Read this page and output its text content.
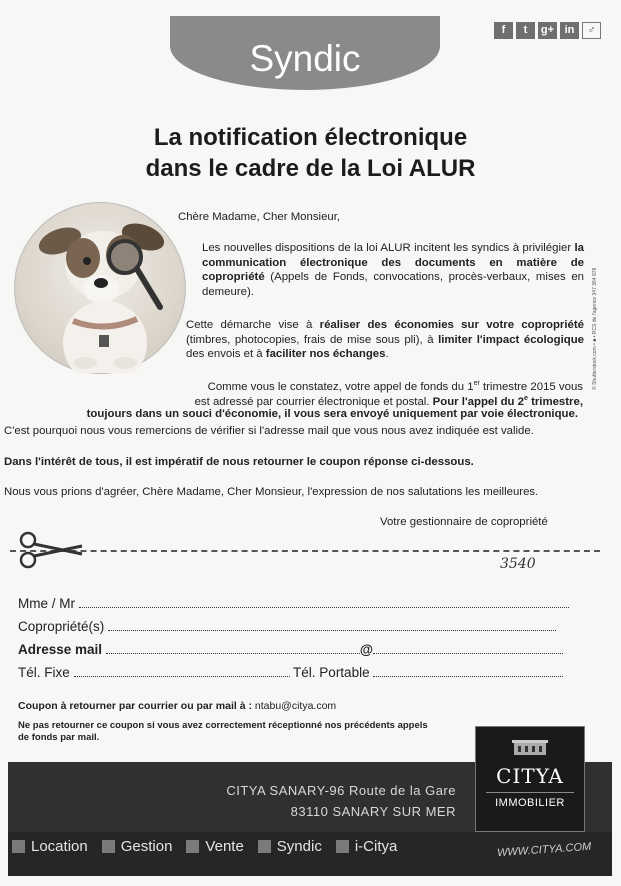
Syndic
f	t	g+ in	♂
La notification électronique
dans le cadre de la Loi ALUR
Chère Madame, Cher Monsieur,
Les nouvelles dispositions de la loi ALUR incitent les syndics à privilégier la communication électronique des documents en matière de copropriété (Appels de Fonds, convocations, procès-verbaux, mises en demeure).
Cette démarche vise à réaliser des économies sur votre copropriété (timbres, photocopies, frais de mise sous pli), à limiter l'impact écologique des envois et à faciliter nos échanges.
Comme vous le constatez, votre appel de fonds du 1er trimestre 2015 vous
est adressé par courrier électronique et postal. Pour l'appel du 2e trimestre,
toujours dans un souci d'économie, il vous sera envoyé uniquement par voie électronique.
C'est pourquoi nous vous remercions de vérifier si l'adresse mail que vous nous avez indiquée est valide.
Dans l'intérêt de tous, il est impératif de nous retourner le coupon réponse ci-dessous.
Nous vous prions d'agréer, Chère Madame, Cher Monsieur, l'expression de nos salutations les meilleures.
Votre gestionnaire de copropriété
3540
Mme / Mr
Copropriété(s)
Adresse mail	@
Tél. Fixe	Tél. Portable
Coupon à retourner par courrier ou par mail à : ntabu@citya.com
Ne pas retourner ce coupon si vous avez correctement réceptionné nos précédents appels de fonds par mail.
CITYA SANARY-96 Route de la Gare
83110 SANARY SUR MER
CITYA
IMMOBILIER
Location Gestion Vente Syndic i-Citya	WWW.CITYA.COM
© Shutterstock.com • ■ • RCS de l'agence 347 364 878
